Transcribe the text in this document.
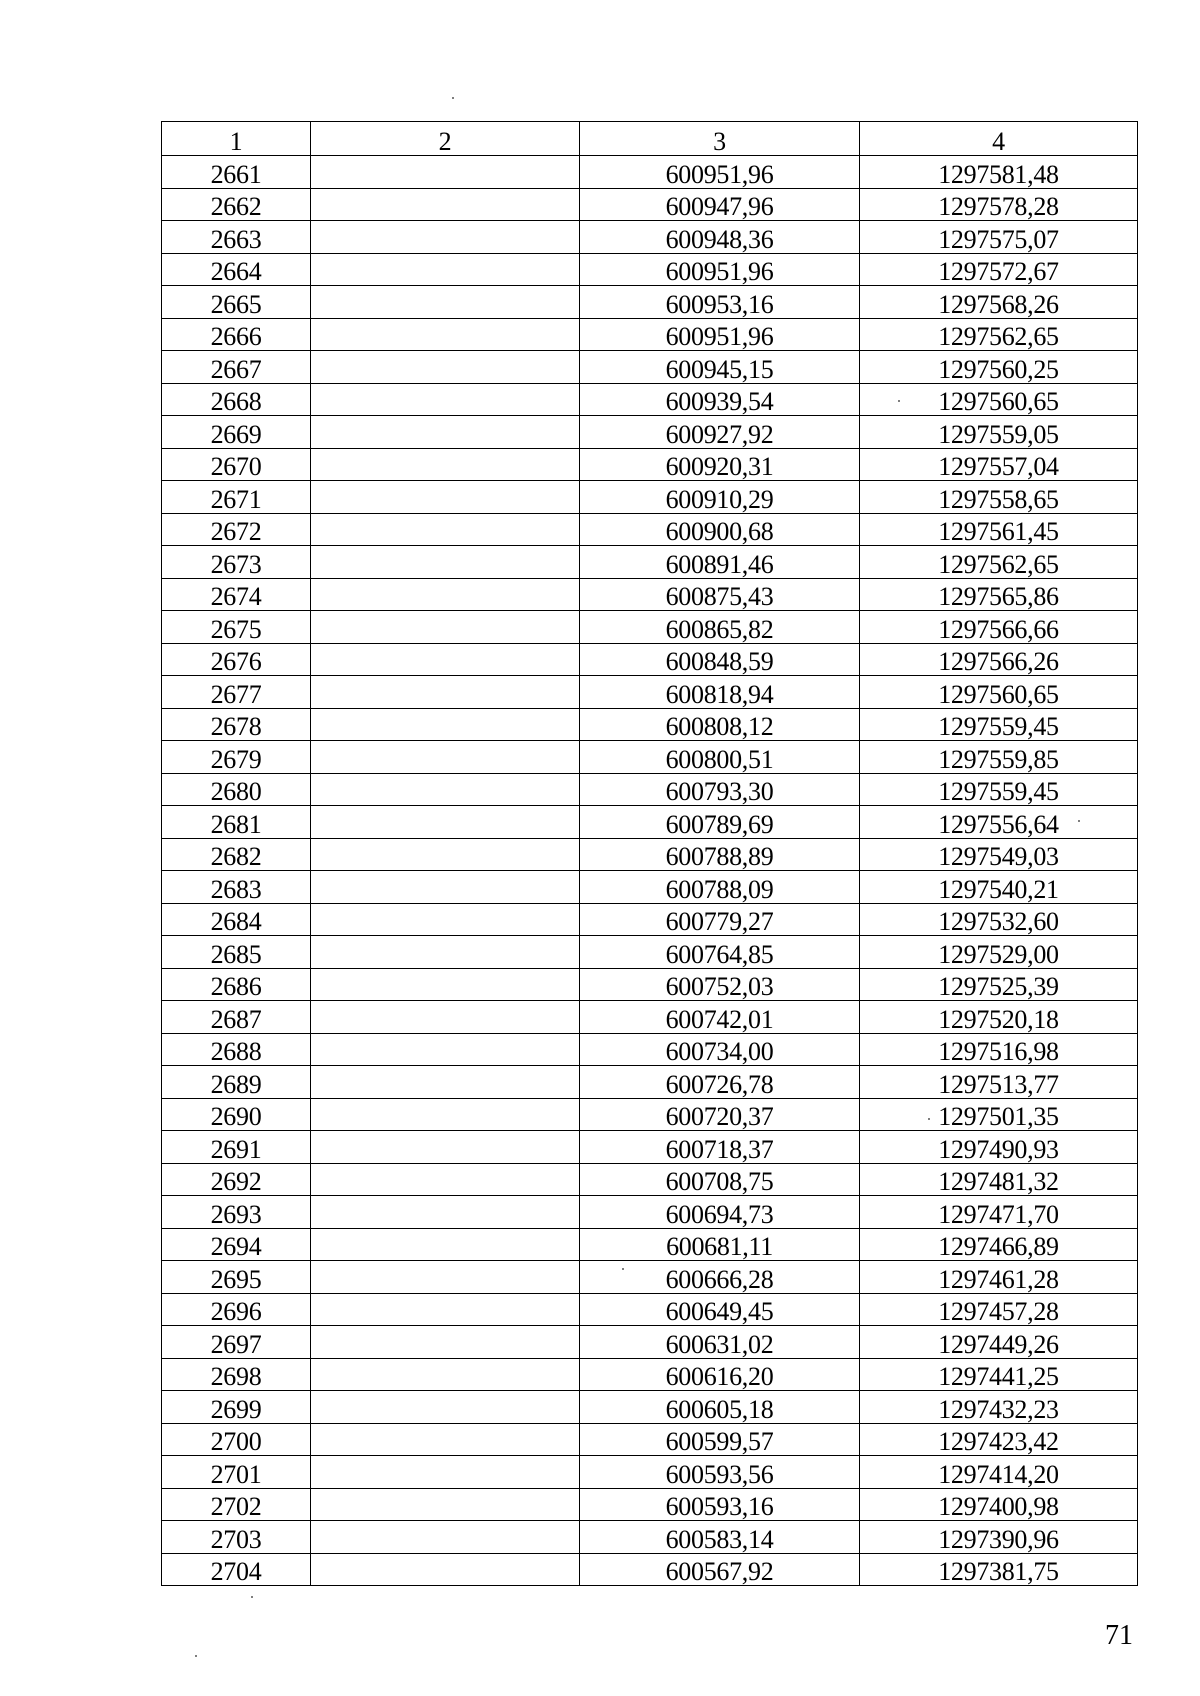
1	2	3	4
2661		600951,96	1297581,48
2662		600947,96	1297578,28
2663		600948,36	1297575,07
2664		600951,96	1297572,67
2665		600953,16	1297568,26
2666		600951,96	1297562,65
2667		600945,15	1297560,25
2668		600939,54	1297560,65
2669		600927,92	1297559,05
2670		600920,31	1297557,04
2671		600910,29	1297558,65
2672		600900,68	1297561,45
2673		600891,46	1297562,65
2674		600875,43	1297565,86
2675		600865,82	1297566,66
2676		600848,59	1297566,26
2677		600818,94	1297560,65
2678		600808,12	1297559,45
2679		600800,51	1297559,85
2680		600793,30	1297559,45
2681		600789,69	1297556,64
2682		600788,89	1297549,03
2683		600788,09	1297540,21
2684		600779,27	1297532,60
2685		600764,85	1297529,00
2686		600752,03	1297525,39
2687		600742,01	1297520,18
2688		600734,00	1297516,98
2689		600726,78	1297513,77
2690		600720,37	1297501,35
2691		600718,37	1297490,93
2692		600708,75	1297481,32
2693		600694,73	1297471,70
2694		600681,11	1297466,89
2695		600666,28	1297461,28
2696		600649,45	1297457,28
2697		600631,02	1297449,26
2698		600616,20	1297441,25
2699		600605,18	1297432,23
2700		600599,57	1297423,42
2701		600593,56	1297414,20
2702		600593,16	1297400,98
2703		600583,14	1297390,96
2704		600567,92	1297381,75
71
